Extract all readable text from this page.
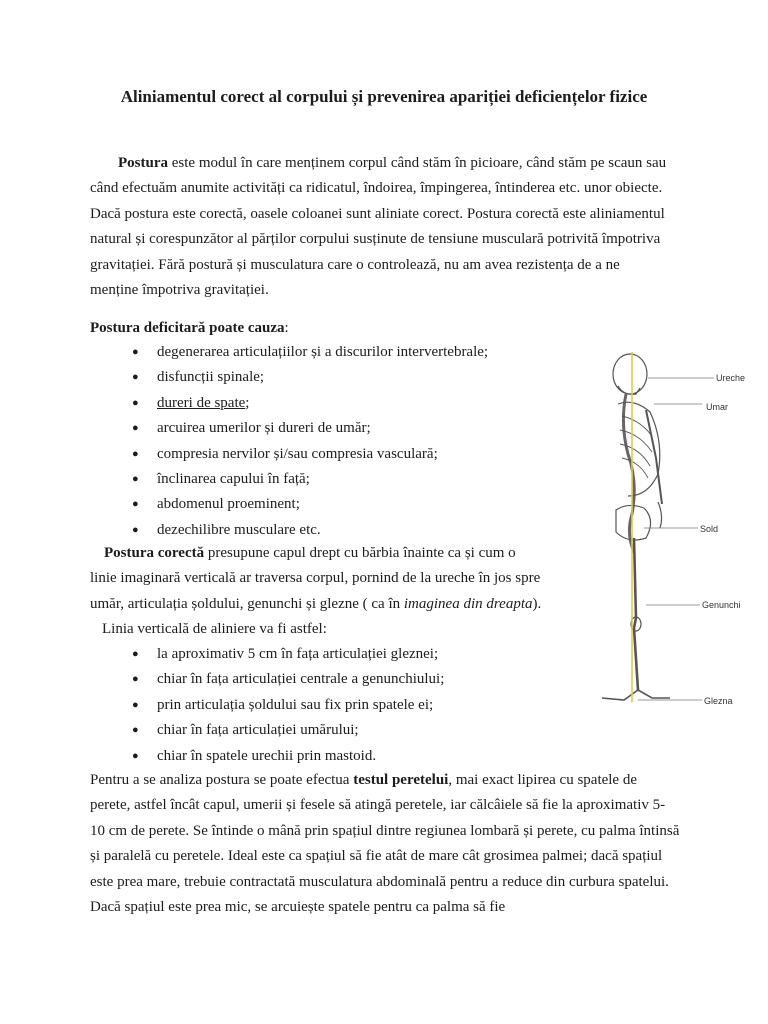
Aliniamentul corect al corpului și prevenirea apariției deficiențelor fizice

Postura este modul în care menținem corpul când stăm în picioare, când stăm pe scaun sau când efectuăm anumite activități ca ridicatul, îndoirea, împingerea, întinderea etc. unor obiecte. Dacă postura este corectă, oasele coloanei sunt aliniate corect. Postura corectă este aliniamentul natural și corespunzător al părților corpului susținute de tensiune musculară potrivită împotriva gravitației. Fără postură și musculatura care o controlează, nu am avea rezistența de a ne menține împotriva gravitației.

Postura deficitară poate cauza:

● degenerarea articulațiilor și a discurilor intervertebrale;
● disfuncții spinale;
● dureri de spate;
● arcuirea umerilor și dureri de umăr;
● compresia nervilor și/sau compresia vasculară;
● înclinarea capului în față;
● abdomenul proeminent;
● dezechilibre musculare etc.

Postura corectă presupune capul drept cu bărbia înainte ca și cum o linie imaginară verticală ar traversa corpul, pornind de la ureche în jos spre umăr, articulația șoldului, genunchi și glezne ( ca în imaginea din dreapta).

Linia verticală de aliniere va fi astfel:

● la aproximativ 5 cm în fața articulației gleznei;
● chiar în fața articulației centrale a genunchiului;
● prin articulația șoldului sau fix prin spatele ei;
● chiar în fața articulației umărului;
● chiar în spatele urechii prin mastoid.

Pentru a se analiza postura se poate efectua testul peretelui, mai exact lipirea cu spatele de perete, astfel încât capul, umerii și fesele să atingă peretele, iar călcâiele să fie la aproximativ 5-10 cm de perete. Se întinde o mână prin spațiul dintre regiunea lombară și perete, cu palma întinsă și paralelă cu peretele. Ideal este ca spațiul să fie atât de mare cât grosimea palmei; dacă spațiul este prea mare, trebuie contractată musculatura abdominală pentru a reduce din curbura spatelui. Dacă spațiul este prea mic, se arcuiește spatele pentru ca palma să fie

Ureche
Umar
Sold
Genunchi
Glezna
